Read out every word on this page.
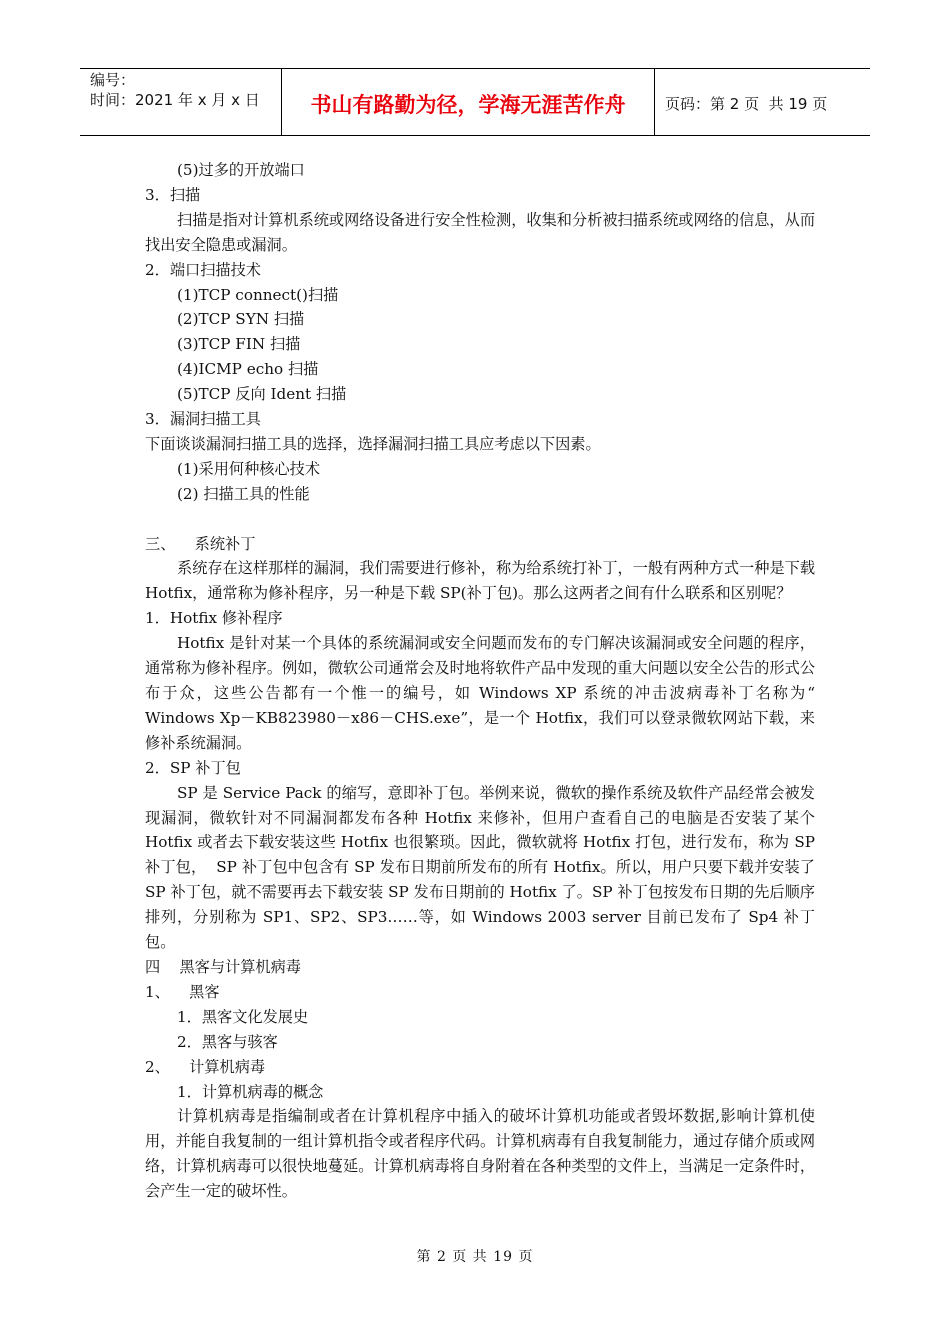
编号：
时间：2021 年 x 月 x 日	书山有路勤为径，学海无涯苦作舟	页码：第 2 页  共 19 页

(5)过多的开放端口

3．扫描

扫描是指对计算机系统或网络设备进行安全性检测，收集和分析被扫描系统或网络的信息，从而找出安全隐患或漏洞。

2．端口扫描技术

(1)TCP connect()扫描

(2)TCP SYN 扫描

(3)TCP FIN 扫描

(4)ICMP echo 扫描

(5)TCP 反向 Ident 扫描

3．漏洞扫描工具

下面谈谈漏洞扫描工具的选择，选择漏洞扫描工具应考虑以下因素。

(1)采用何种核心技术

(2) 扫描工具的性能

三、    系统补丁

系统存在这样那样的漏洞，我们需要进行修补，称为给系统打补丁，一般有两种方式一种是下载 Hotfix，通常称为修补程序，另一种是下载 SP(补丁包)。那么这两者之间有什么联系和区别呢？

1．Hotfix 修补程序

Hotfix 是针对某一个具体的系统漏洞或安全问题而发布的专门解决该漏洞或安全问题的程序，通常称为修补程序。例如，微软公司通常会及时地将软件产品中发现的重大问题以安全公告的形式公布于众，这些公告都有一个惟一的编号，如 Windows XP 系统的冲击波病毒补丁名称为“ Windows Xp－KB823980－x86－CHS.exe”，是一个 Hotfix，我们可以登录微软网站下载，来修补系统漏洞。

2．SP 补丁包

SP 是 Service Pack 的缩写，意即补丁包。举例来说，微软的操作系统及软件产品经常会被发现漏洞，微软针对不同漏洞都发布各种 Hotfix 来修补，但用户查看自己的电脑是否安装了某个 Hotfix 或者去下载安装这些 Hotfix 也很繁琐。因此，微软就将 Hotfix 打包，进行发布，称为 SP 补丁包，  SP 补丁包中包含有 SP 发布日期前所发布的所有 Hotfix。所以，用户只要下载并安装了 SP 补丁包，就不需要再去下载安装 SP 发布日期前的 Hotfix 了。SP 补丁包按发布日期的先后顺序排列，分别称为 SP1、SP2、SP3……等，如 Windows 2003 server 目前已发布了 Sp4 补丁包。

四    黑客与计算机病毒

1、    黑客

1．黑客文化发展史

2．黑客与骇客

2、    计算机病毒

1．计算机病毒的概念

计算机病毒是指编制或者在计算机程序中插入的破坏计算机功能或者毁坏数据,影响计算机使用，并能自我复制的一组计算机指令或者程序代码。计算机病毒有自我复制能力，通过存储介质或网络，计算机病毒可以很快地蔓延。计算机病毒将自身附着在各种类型的文件上，当满足一定条件时，会产生一定的破坏性。

第 2 页 共 19 页
